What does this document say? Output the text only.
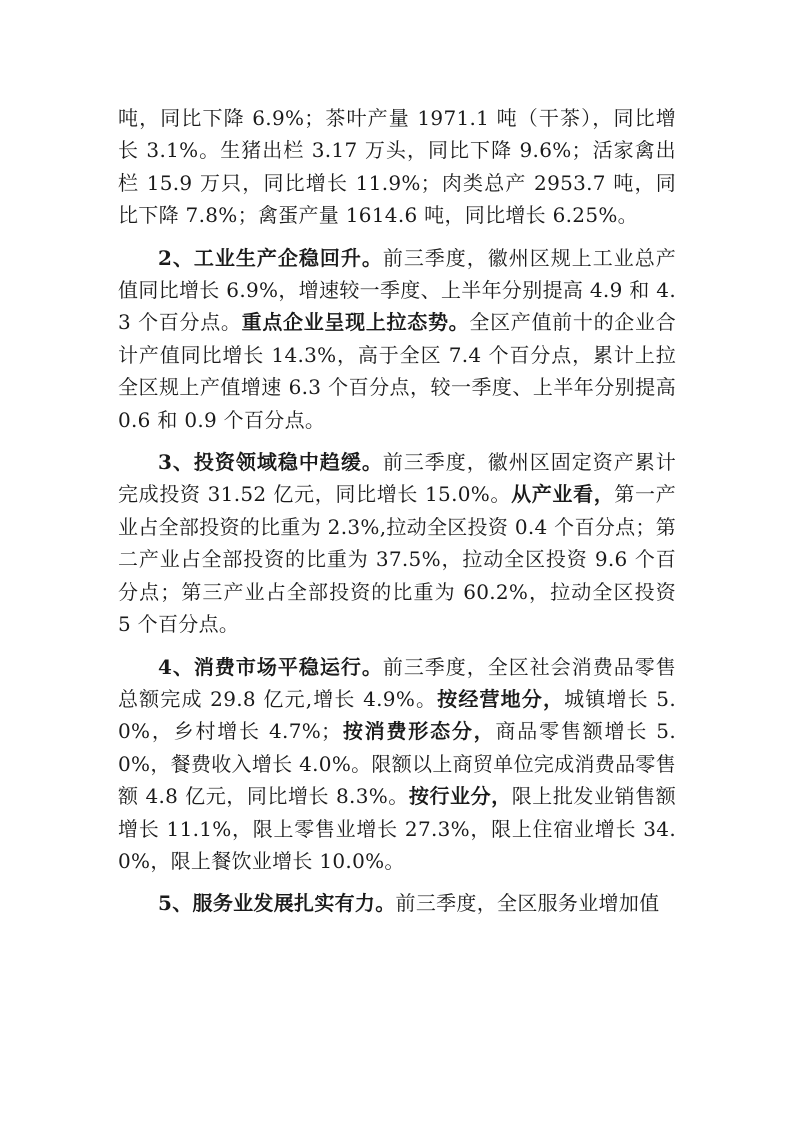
吨，同比下降 6.9%；茶叶产量 1971.1 吨（干茶），同比增长 3.1%。生猪出栏 3.17 万头，同比下降 9.6%；活家禽出栏 15.9 万只，同比增长 11.9%；肉类总产 2953.7 吨，同比下降 7.8%；禽蛋产量 1614.6 吨，同比增长 6.25%。

2、工业生产企稳回升。前三季度，徽州区规上工业总产值同比增长 6.9%，增速较一季度、上半年分别提高 4.9 和 4.3 个百分点。重点企业呈现上拉态势。全区产值前十的企业合计产值同比增长 14.3%，高于全区 7.4 个百分点，累计上拉全区规上产值增速 6.3 个百分点，较一季度、上半年分别提高 0.6 和 0.9 个百分点。

3、投资领域稳中趋缓。前三季度，徽州区固定资产累计完成投资 31.52 亿元，同比增长 15.0%。从产业看，第一产业占全部投资的比重为 2.3%,拉动全区投资 0.4 个百分点；第二产业占全部投资的比重为 37.5%，拉动全区投资 9.6 个百分点；第三产业占全部投资的比重为 60.2%，拉动全区投资 5 个百分点。

4、消费市场平稳运行。前三季度，全区社会消费品零售总额完成 29.8 亿元,增长 4.9%。按经营地分，城镇增长 5.0%，乡村增长 4.7%；按消费形态分，商品零售额增长 5.0%，餐费收入增长 4.0%。限额以上商贸单位完成消费品零售额 4.8 亿元，同比增长 8.3%。按行业分，限上批发业销售额增长 11.1%，限上零售业增长 27.3%，限上住宿业增长 34.0%，限上餐饮业增长 10.0%。

5、服务业发展扎实有力。前三季度，全区服务业增加值
